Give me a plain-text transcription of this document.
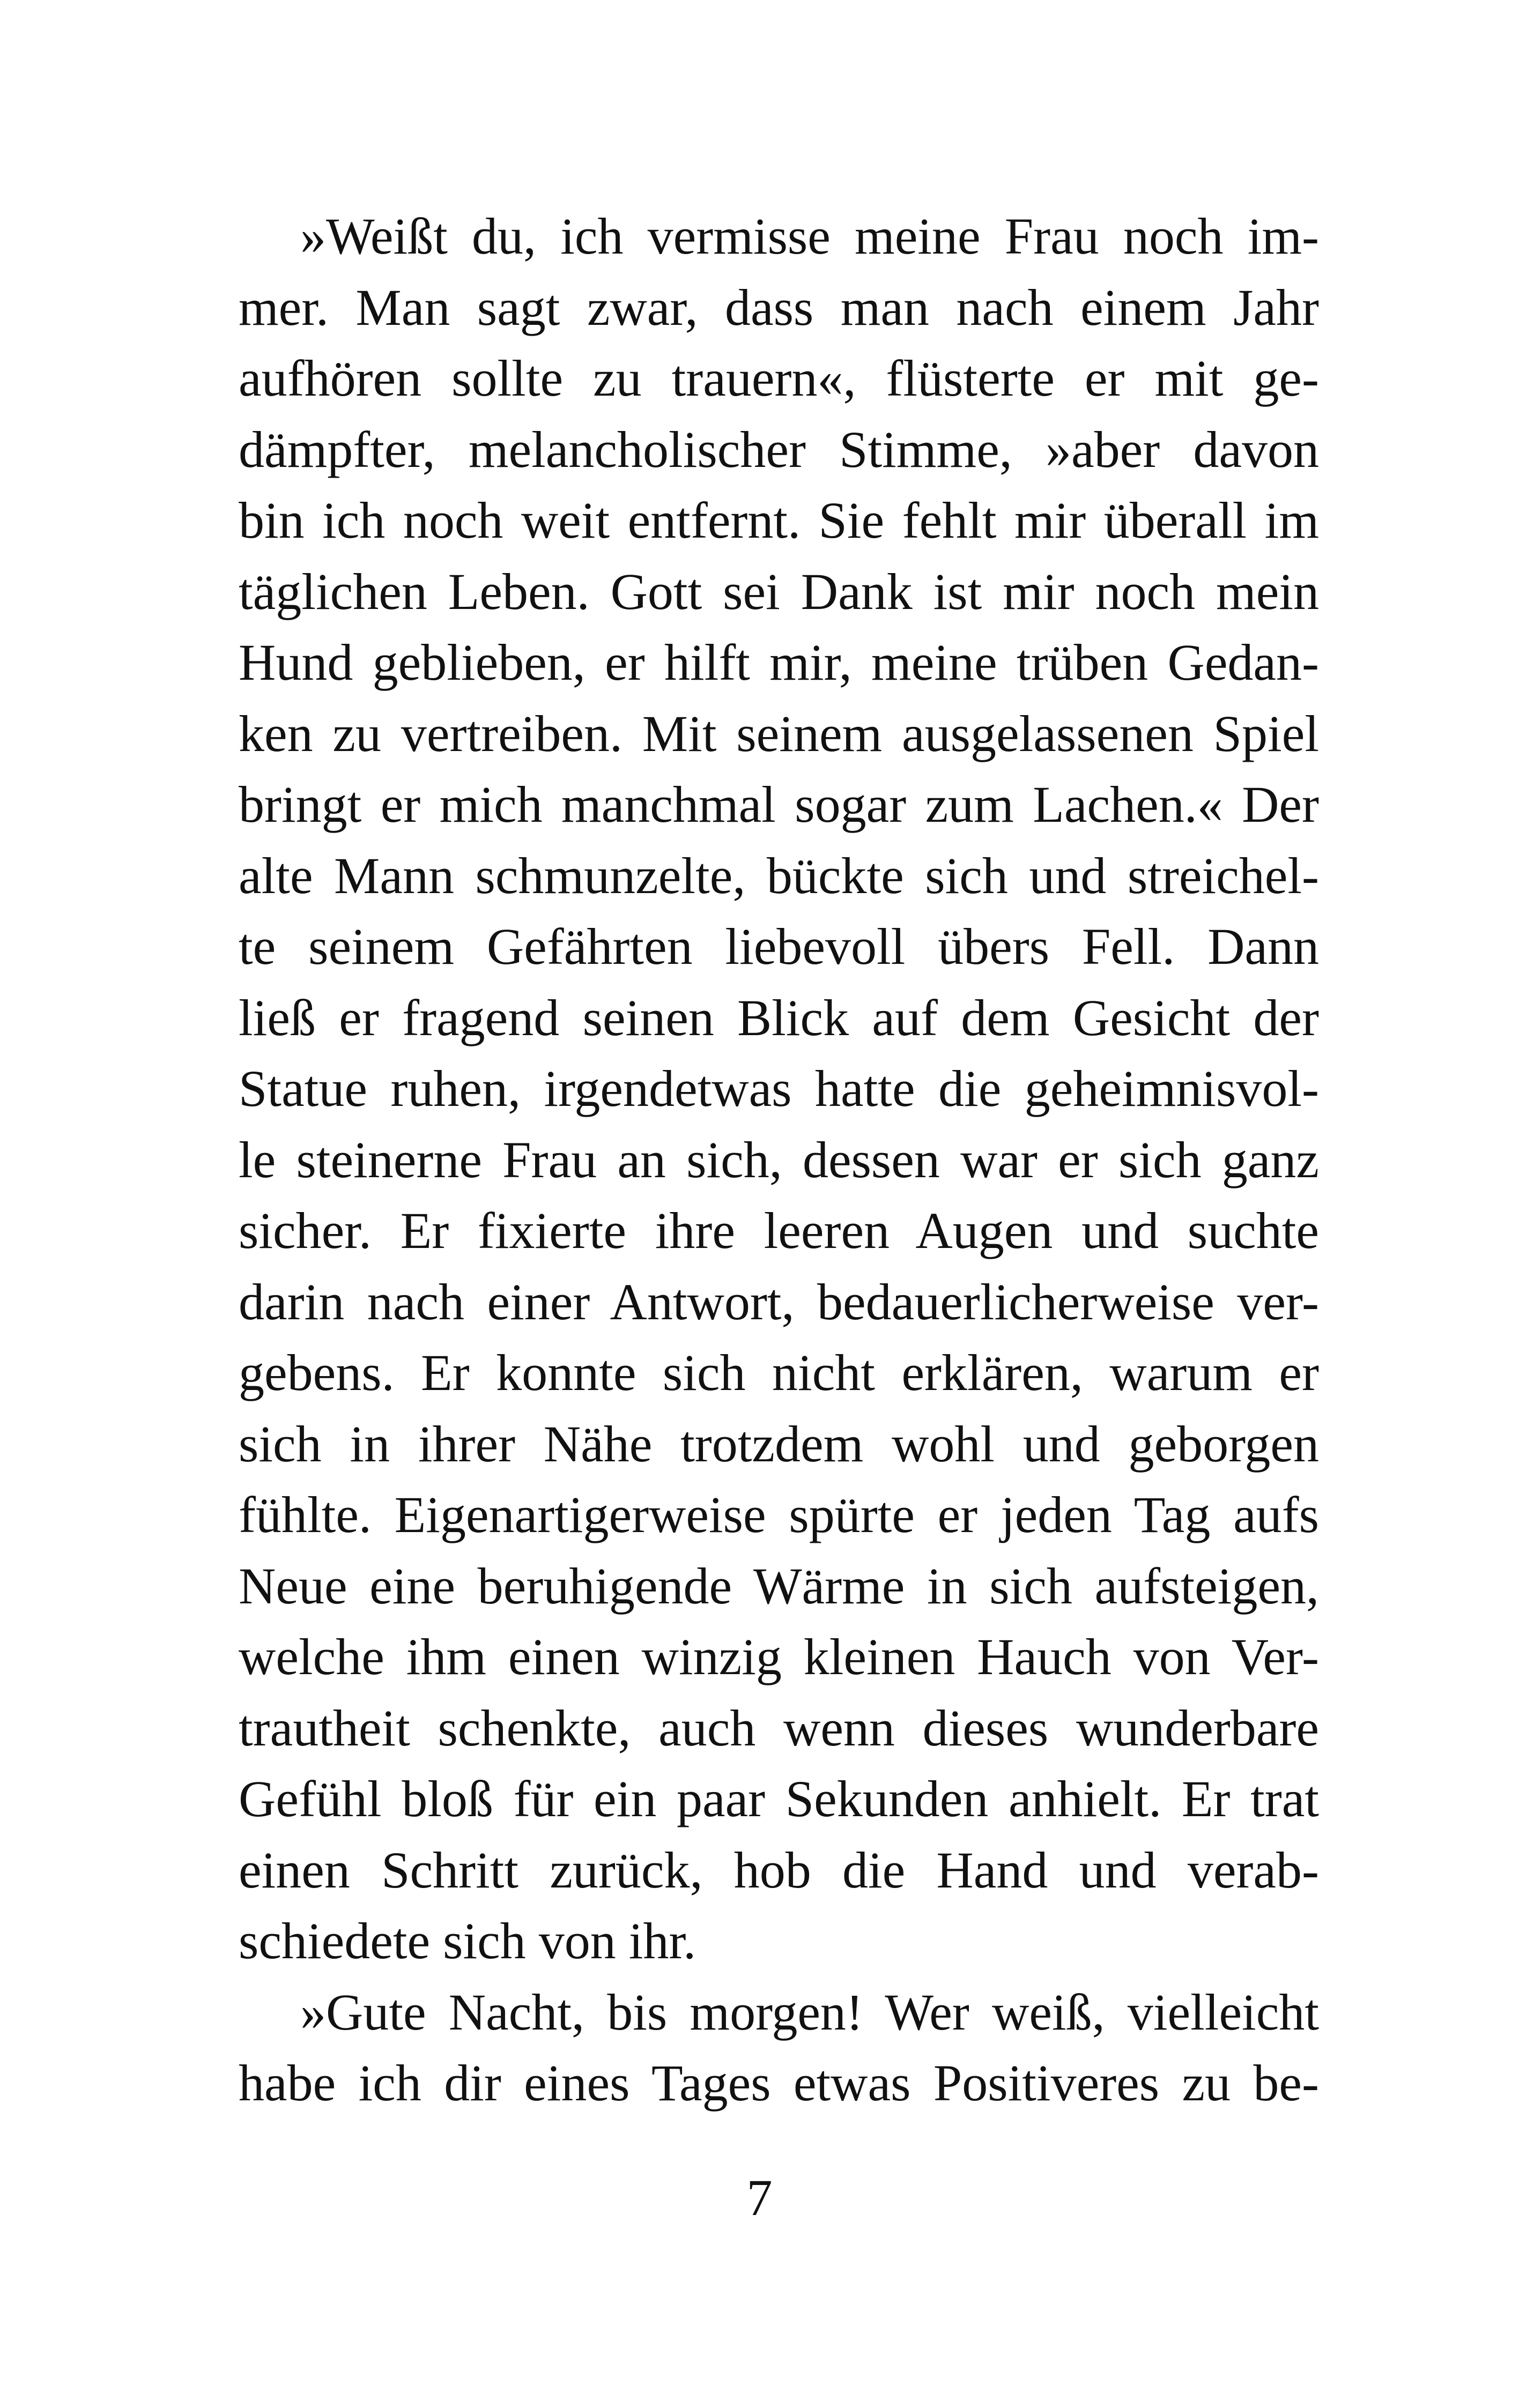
»Weißt du, ich vermisse meine Frau noch im-
mer. Man sagt zwar, dass man nach einem Jahr
aufhören sollte zu trauern«, flüsterte er mit ge-
dämpfter, melancholischer Stimme, »aber davon
bin ich noch weit entfernt. Sie fehlt mir überall im
täglichen Leben. Gott sei Dank ist mir noch mein
Hund geblieben, er hilft mir, meine trüben Gedan-
ken zu vertreiben. Mit seinem ausgelassenen Spiel
bringt er mich manchmal sogar zum Lachen.« Der
alte Mann schmunzelte, bückte sich und streichel-
te seinem Gefährten liebevoll übers Fell. Dann
ließ er fragend seinen Blick auf dem Gesicht der
Statue ruhen, irgendetwas hatte die geheimnisvol-
le steinerne Frau an sich, dessen war er sich ganz
sicher. Er fixierte ihre leeren Augen und suchte
darin nach einer Antwort, bedauerlicherweise ver-
gebens. Er konnte sich nicht erklären, warum er
sich in ihrer Nähe trotzdem wohl und geborgen
fühlte. Eigenartigerweise spürte er jeden Tag aufs
Neue eine beruhigende Wärme in sich aufsteigen,
welche ihm einen winzig kleinen Hauch von Ver-
trautheit schenkte, auch wenn dieses wunderbare
Gefühl bloß für ein paar Sekunden anhielt. Er trat
einen Schritt zurück, hob die Hand und verab-
schiedete sich von ihr.
»Gute Nacht, bis morgen! Wer weiß, vielleicht
habe ich dir eines Tages etwas Positiveres zu be-
7
